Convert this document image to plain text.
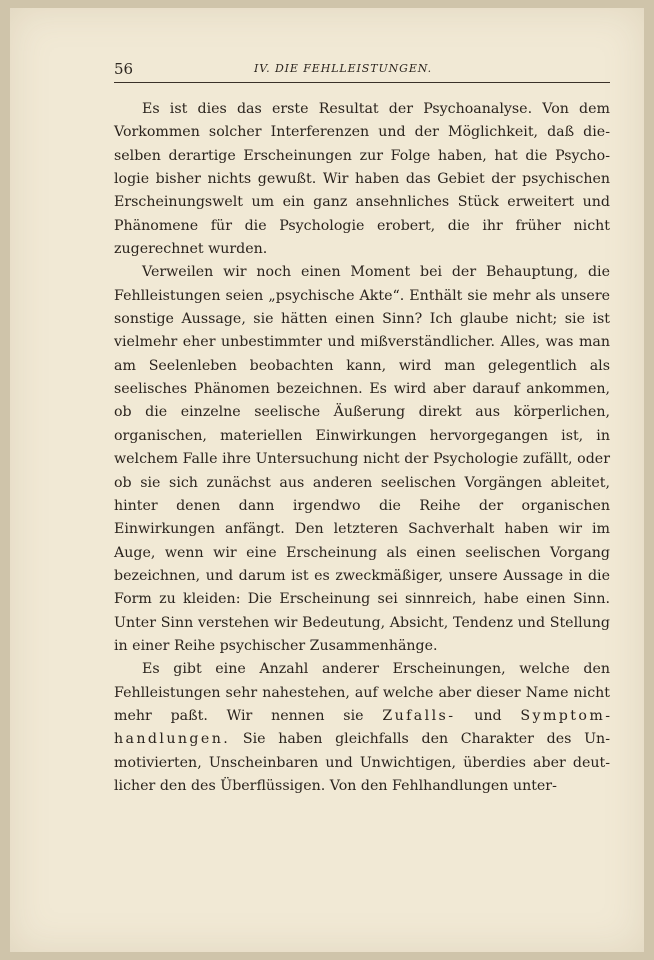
56	IV. DIE FEHLLEISTUNGEN.

Es ist dies das erste Resultat der Psychoanalyse. Von dem Vorkommen solcher Interferenzen und der Möglichkeit, daß dieselben derartige Erscheinungen zur Folge haben, hat die Psychologie bisher nichts gewußt. Wir haben das Gebiet der psychischen Erscheinungswelt um ein ganz ansehnliches Stück erweitert und Phänomene für die Psychologie erobert, die ihr früher nicht zugerechnet wurden.

Verweilen wir noch einen Moment bei der Behauptung, die Fehlleistungen seien „psychische Akte“. Enthält sie mehr als unsere sonstige Aussage, sie hätten einen Sinn? Ich glaube nicht; sie ist vielmehr eher unbestimmter und mißverständlicher. Alles, was man am Seelenleben beobachten kann, wird man gelegentlich als seelisches Phänomen bezeichnen. Es wird aber darauf ankommen, ob die einzelne seelische Äußerung direkt aus körperlichen, organischen, materiellen Einwirkungen hervorgegangen ist, in welchem Falle ihre Untersuchung nicht der Psychologie zufällt, oder ob sie sich zunächst aus anderen seelischen Vorgängen ableitet, hinter denen dann irgendwo die Reihe der organischen Einwirkungen anfängt. Den letzteren Sachverhalt haben wir im Auge, wenn wir eine Erscheinung als einen seelischen Vorgang bezeichnen, und darum ist es zweckmäßiger, unsere Aussage in die Form zu kleiden: Die Erscheinung sei sinnreich, habe einen Sinn. Unter Sinn verstehen wir Bedeutung, Absicht, Tendenz und Stellung in einer Reihe psychischer Zusammenhänge.

Es gibt eine Anzahl anderer Erscheinungen, welche den Fehlleistungen sehr nahestehen, auf welche aber dieser Name nicht mehr paßt. Wir nennen sie Zufalls- und Symptomhandlungen. Sie haben gleichfalls den Charakter des Unmotivierten, Unscheinbaren und Unwichtigen, überdies aber deutlicher den des Überflüssigen. Von den Fehlhandlungen unter-
